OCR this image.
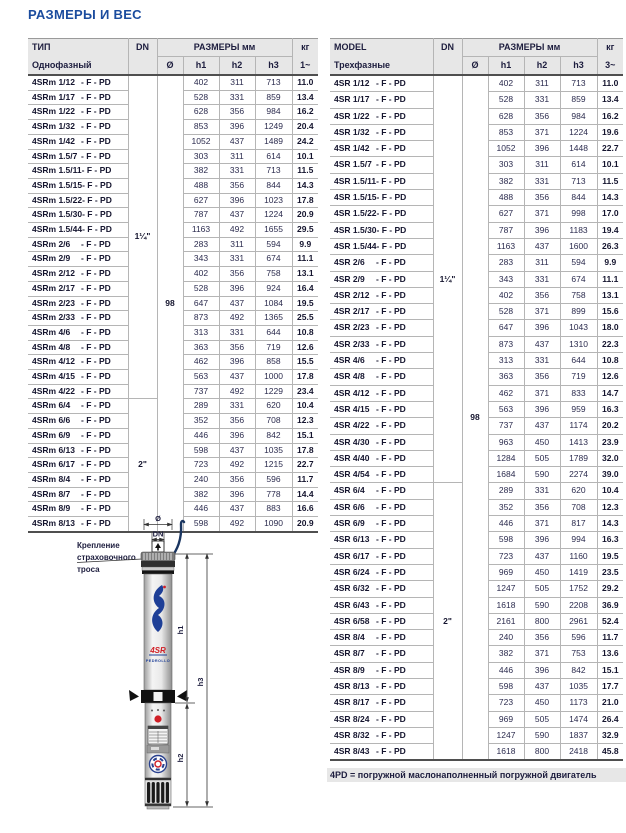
РАЗМЕРЫ И ВЕС
ТИП	DN	РАЗМЕРЫ мм				кг
Однофазный		Ø	h1	h2	h3	1~
4SRm 1/12 - F - PD	1¼"	98	402	311	713	11.0
4SRm 1/17 - F - PD			528	331	859	13.4
4SRm 1/22 - F - PD			628	356	984	16.2
4SRm 1/32 - F - PD			853	396	1249	20.4
4SRm 1/42 - F - PD			1052	437	1489	24.2
4SRm 1.5/7 - F - PD			303	311	614	10.1
4SRm 1.5/11- F - PD			382	331	713	11.5
4SRm 1.5/15- F - PD			488	356	844	14.3
4SRm 1.5/22- F - PD			627	396	1023	17.8
4SRm 1.5/30- F - PD			787	437	1224	20.9
4SRm 1.5/44- F - PD			1163	492	1655	29.5
4SRm 2/6 - F - PD			283	311	594	9.9
4SRm 2/9 - F - PD			343	331	674	11.1
4SRm 2/12 - F - PD			402	356	758	13.1
4SRm 2/17 - F - PD			528	396	924	16.4
4SRm 2/23 - F - PD			647	437	1084	19.5
4SRm 2/33 - F - PD			873	492	1365	25.5
4SRm 4/6 - F - PD			313	331	644	10.8
4SRm 4/8 - F - PD			363	356	719	12.6
4SRm 4/12 - F - PD			462	396	858	15.5
4SRm 4/15 - F - PD			563	437	1000	17.8
4SRm 4/22 - F - PD			737	492	1229	23.4
4SRm 6/4 - F - PD	2"		289	331	620	10.4
4SRm 6/6 - F - PD			352	356	708	12.3
4SRm 6/9 - F - PD			446	396	842	15.1
4SRm 6/13 - F - PD			598	437	1035	17.8
4SRm 6/17 - F - PD			723	492	1215	22.7
4SRm 8/4 - F - PD			240	356	596	11.7
4SRm 8/7 - F - PD			382	396	778	14.4
4SRm 8/9 - F - PD			446	437	883	16.6
4SRm 8/13 - F - PD			598	492	1090	20.9
MODEL	DN	РАЗМЕРЫ мм				кг
Трехфазные		Ø	h1	h2	h3	3~
4SR 1/12 - F - PD	1¼"	98	402	311	713	11.0
4SR 1/17 - F - PD			528	331	859	13.4
4SR 1/22 - F - PD			628	356	984	16.2
4SR 1/32 - F - PD			853	371	1224	19.6
4SR 1/42 - F - PD			1052	396	1448	22.7
4SR 1.5/7 - F - PD			303	311	614	10.1
4SR 1.5/11- F - PD			382	331	713	11.5
4SR 1.5/15- F - PD			488	356	844	14.3
4SR 1.5/22- F - PD			627	371	998	17.0
4SR 1.5/30- F - PD			787	396	1183	19.4
4SR 1.5/44- F - PD			1163	437	1600	26.3
4SR 2/6 - F - PD			283	311	594	9.9
4SR 2/9 - F - PD			343	331	674	11.1
4SR 2/12 - F - PD			402	356	758	13.1
4SR 2/17 - F - PD			528	371	899	15.6
4SR 2/23 - F - PD			647	396	1043	18.0
4SR 2/33 - F - PD			873	437	1310	22.3
4SR 4/6 - F - PD			313	331	644	10.8
4SR 4/8 - F - PD			363	356	719	12.6
4SR 4/12 - F - PD			462	371	833	14.7
4SR 4/15 - F - PD			563	396	959	16.3
4SR 4/22 - F - PD			737	437	1174	20.2
4SR 4/30 - F - PD			963	450	1413	23.9
4SR 4/40 - F - PD			1284	505	1789	32.0
4SR 4/54 - F - PD			1684	590	2274	39.0
4SR 6/4 - F - PD	2"		289	331	620	10.4
4SR 6/6 - F - PD			352	356	708	12.3
4SR 6/9 - F - PD			446	371	817	14.3
4SR 6/13 - F - PD			598	396	994	16.3
4SR 6/17 - F - PD			723	437	1160	19.5
4SR 6/24 - F - PD			969	450	1419	23.5
4SR 6/32 - F - PD			1247	505	1752	29.2
4SR 6/43 - F - PD			1618	590	2208	36.9
4SR 6/58 - F - PD			2161	800	2961	52.4
4SR 8/4 - F - PD			240	356	596	11.7
4SR 8/7 - F - PD			382	371	753	13.6
4SR 8/9 - F - PD			446	396	842	15.1
4SR 8/13 - F - PD			598	437	1035	17.7
4SR 8/17 - F - PD			723	450	1173	21.0
4SR 8/24 - F - PD			969	505	1474	26.4
4SR 8/32 - F - PD			1247	590	1837	32.9
4SR 8/43 - F - PD			1618	800	2418	45.8
Крепление
страховочного
троса
Ø
DN
4SR
PEDROLLO
h1
h2
h3
4PD = погружной маслонаполненный погружной двигатель
